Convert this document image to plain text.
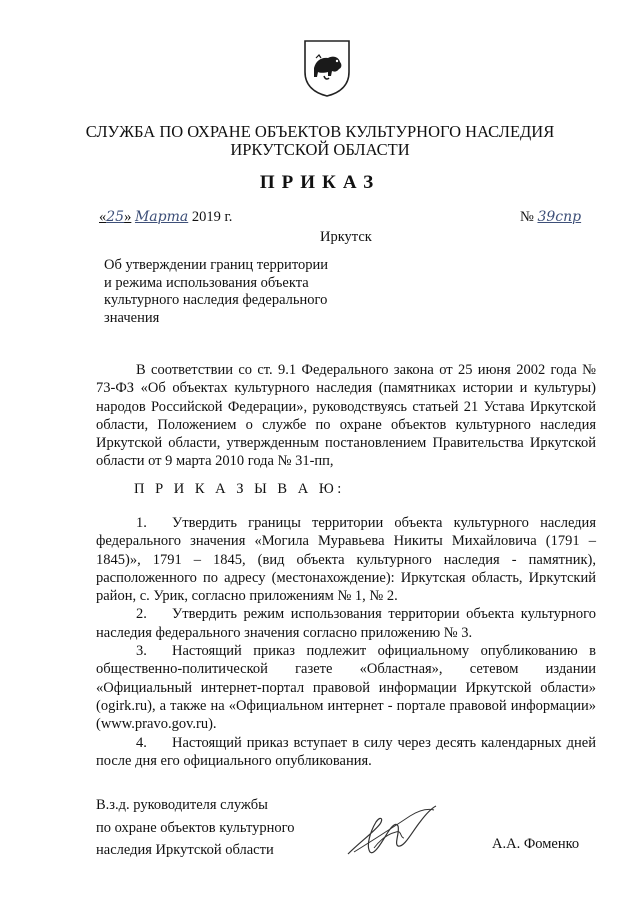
СЛУЖБА ПО ОХРАНЕ ОБЪЕКТОВ КУЛЬТУРНОГО НАСЛЕДИЯ
ИРКУТСКОЙ ОБЛАСТИ
ПРИКАЗ
«25» Марта 2019 г.	№ 39спр
Иркутск
Об утверждении границ территории
и режима использования объекта
культурного наследия федерального
значения

В соответствии со ст. 9.1 Федерального закона от 25 июня 2002 года № 73-ФЗ «Об объектах культурного наследия (памятниках истории и культуры) народов Российской Федерации», руководствуясь статьей 21 Устава Иркутской области, Положением о службе по охране объектов культурного наследия Иркутской области, утвержденным постановлением Правительства Иркутской области от 9 марта 2010 года № 31-пп,

П Р И К А З Ы В А Ю:

1. Утвердить границы территории объекта культурного наследия федерального значения «Могила Муравьева Никиты Михайловича (1791 – 1845)», 1791 – 1845, (вид объекта культурного наследия - памятник), расположенного по адресу (местонахождение): Иркутская область, Иркутский район, с. Урик, согласно приложениям № 1, № 2.

2. Утвердить режим использования территории объекта культурного наследия федерального значения согласно приложению № 3.

3. Настоящий приказ подлежит официальному опубликованию в общественно-политической газете «Областная», сетевом издании «Официальный интернет-портал правовой информации Иркутской области» (ogirk.ru), а также на «Официальном интернет - портале правовой информации» (www.pravo.gov.ru).

4. Настоящий приказ вступает в силу через десять календарных дней после дня его официального опубликования.

В.з.д. руководителя службы
по охране объектов культурного
наследия Иркутской области	А.А. Фоменко
